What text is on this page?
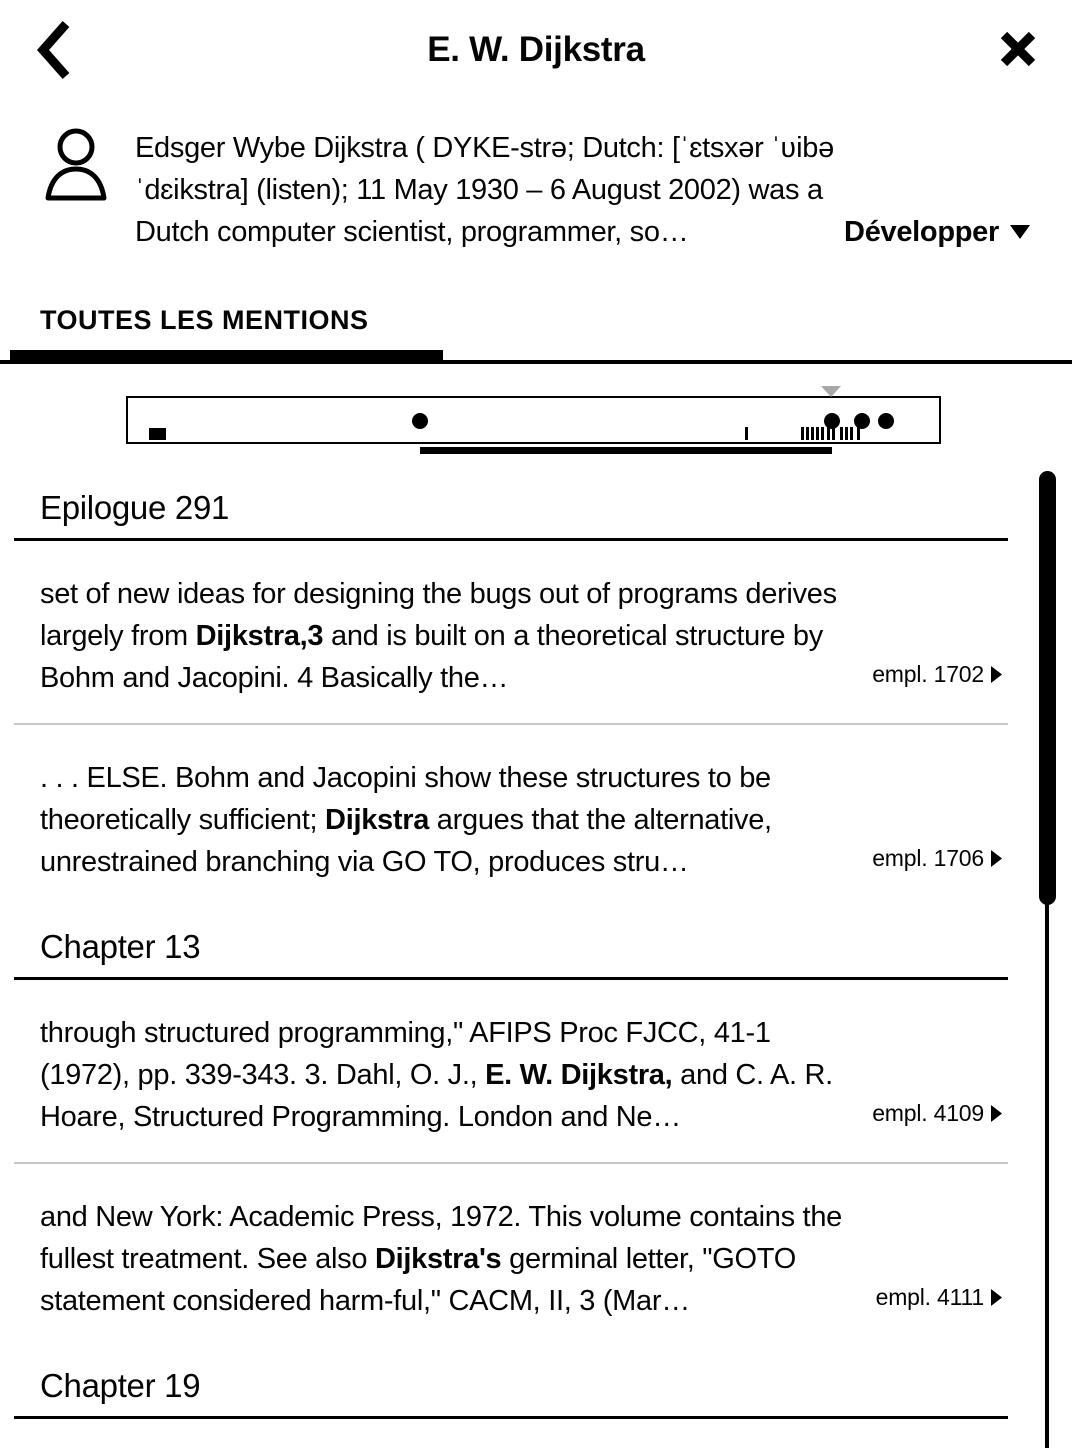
E. W. Dijkstra
Edsger Wybe Dijkstra ( DYKE-strə; Dutch: [ˈɛtsxər ˈʋibə
ˈdɛikstra] (listen); 11 May 1930 – 6 August 2002) was a
Dutch computer scientist, programmer, so…	Développer
TOUTES LES MENTIONS
Epilogue 291
set of new ideas for designing the bugs out of programs derives
largely from Dijkstra,3 and is built on a theoretical structure by
Bohm and Jacopini. 4 Basically the…	empl. 1702
. . . ELSE. Bohm and Jacopini show these structures to be
theoretically sufficient; Dijkstra argues that the alternative,
unrestrained branching via GO TO, produces stru…	empl. 1706
Chapter 13
through structured programming," AFIPS Proc FJCC, 41-1
(1972), pp. 339-343. 3. Dahl, O. J., E. W. Dijkstra, and C. A. R.
Hoare, Structured Programming. London and Ne…	empl. 4109
and New York: Academic Press, 1972. This volume contains the
fullest treatment. See also Dijkstra's germinal letter, "GOTO
statement considered harm-ful," CACM, II, 3 (Mar…	empl. 4111
Chapter 19
